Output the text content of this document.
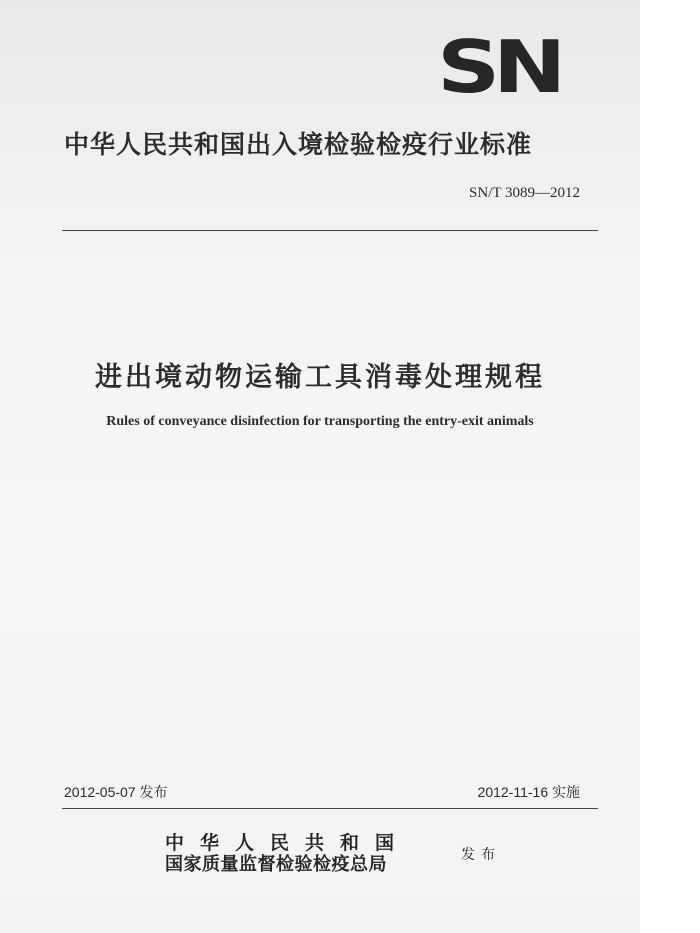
SN
中华人民共和国出入境检验检疫行业标准
SN/T 3089—2012
进出境动物运输工具消毒处理规程
Rules of conveyance disinfection for transporting the entry-exit animals
2012-05-07 发布	2012-11-16 实施
中华人民共和国
国家质量监督检验检疫总局	发布
